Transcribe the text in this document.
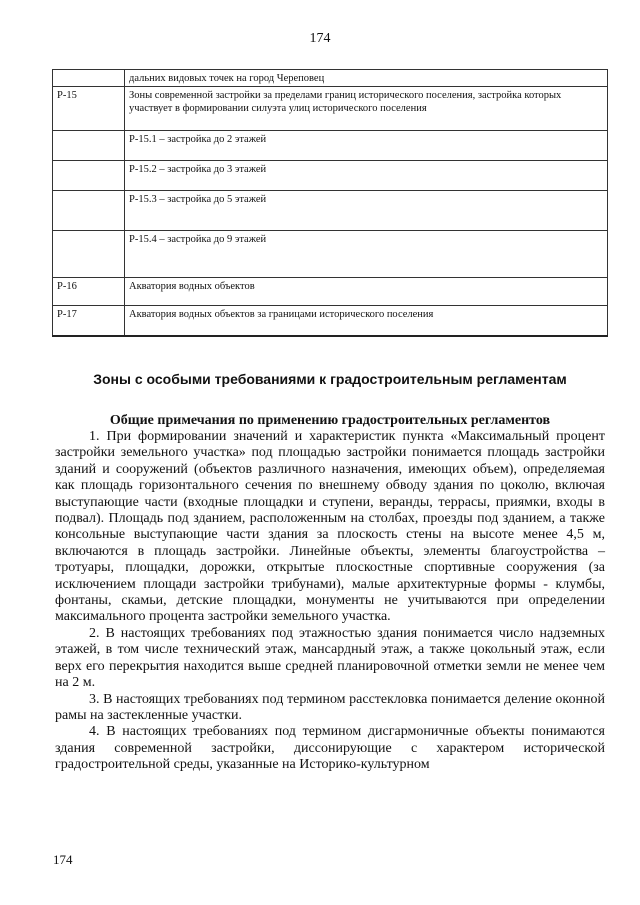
174
	дальних видовых точек на город Череповец
Р-15	Зоны современной застройки за пределами границ исторического поселения, застройка которых участвует в формировании силуэта улиц исторического поселения
	Р-15.1 – застройка до 2 этажей
	Р-15.2 – застройка до 3 этажей
	Р-15.3 – застройка до 5 этажей
	Р-15.4 – застройка до 9 этажей
Р-16	Акватория водных объектов
Р-17	Акватория водных объектов за границами исторического поселения
Зоны с особыми требованиями к градостроительным регламентам
Общие примечания по применению градостроительных регламентов

1. При формировании значений и характеристик пункта «Максимальный процент застройки земельного участка» под площадью застройки понимается площадь застройки зданий и сооружений (объектов различного назначения, имеющих объем), определяемая как площадь горизонтального сечения по внешнему обводу здания по цоколю, включая выступающие части (входные площадки и ступени, веранды, террасы, приямки, входы в подвал). Площадь под зданием, расположенным на столбах, проезды под зданием, а также консольные выступающие части здания за плоскость стены на высоте менее 4,5 м, включаются в площадь застройки. Линейные объекты, элементы благоустройства – тротуары, площадки, дорожки, открытые плоскостные спортивные сооружения (за исключением площади застройки трибунами), малые архитектурные формы - клумбы, фонтаны, скамьи, детские площадки, монументы не учитываются при определении максимального процента застройки земельного участка.

2. В настоящих требованиях под этажностью здания понимается число надземных этажей, в том числе технический этаж, мансардный этаж, а также цокольный этаж, если верх его перекрытия находится выше средней планировочной отметки земли не менее чем на 2 м.

3. В настоящих требованиях под термином расстекловка понимается деление оконной рамы на застекленные участки.

4. В настоящих требованиях под термином дисгармоничные объекты понимаются здания современной застройки, диссонирующие с характером исторической градостроительной среды, указанные на Историко-культурном

174
